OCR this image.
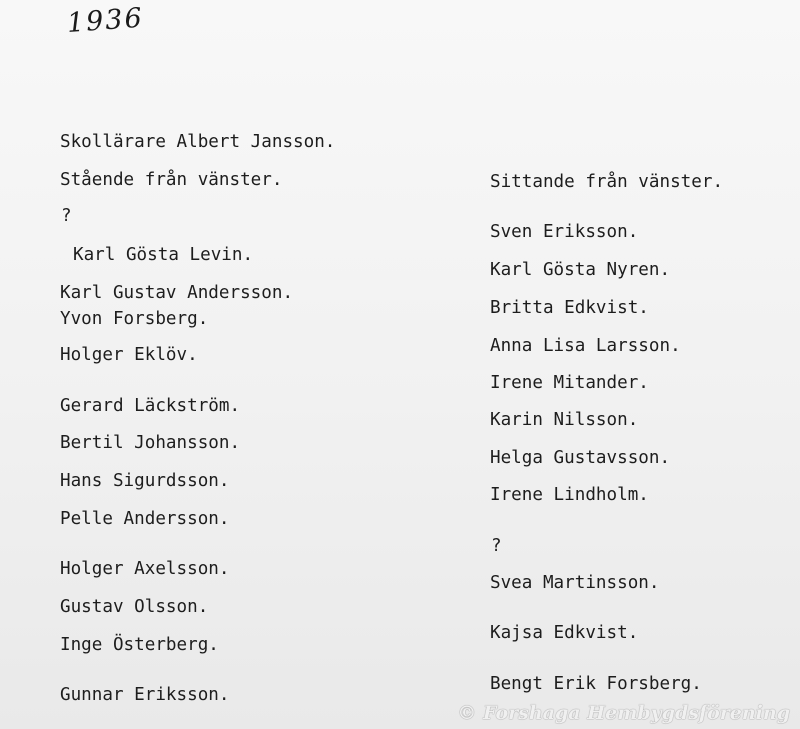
1936
Skollärare Albert Jansson.
Stående från vänster.	Sittande från vänster.
?
Karl Gösta Levin.
Karl Gustav Andersson.
Yvon Forsberg.
Holger Eklöv.
Gerard Läckström.
Bertil Johansson.
Hans Sigurdsson.
Pelle Andersson.
Holger Axelsson.
Gustav Olsson.
Inge Österberg.
Gunnar Eriksson.
Sven Eriksson.
Karl Gösta Nyren.
Britta Edkvist.
Anna Lisa Larsson.
Irene Mitander.
Karin Nilsson.
Helga Gustavsson.
Irene Lindholm.
?
Svea Martinsson.
Kajsa Edkvist.
Bengt Erik Forsberg.
© Forshaga Hembygdsförening
